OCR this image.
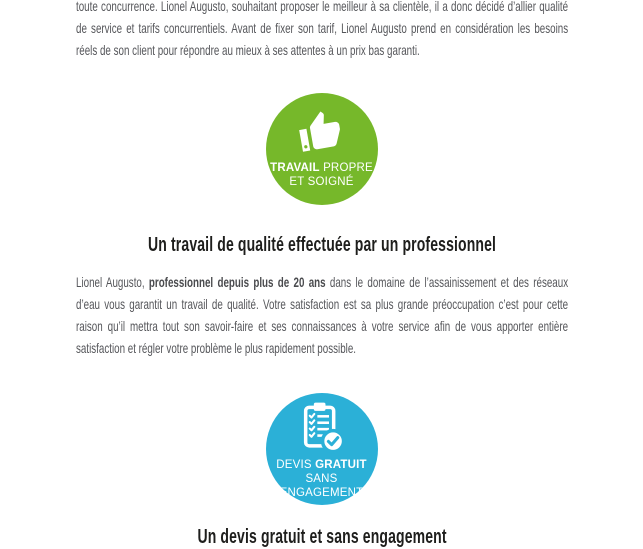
toute concurrence. Lionel Augusto, souhaitant proposer le meilleur à sa clientèle, il a donc décidé d’allier qualité de service et tarifs concurrentiels. Avant de fixer son tarif, Lionel Augusto prend en considération les besoins réels de son client pour répondre au mieux à ses attentes à un prix bas garanti.

TRAVAIL PROPRE
ET SOIGNÉ
Un travail de qualité effectuée par un professionnel

Lionel Augusto, professionnel depuis plus de 20 ans dans le domaine de l’assainissement et des réseaux d’eau vous garantit un travail de qualité. Votre satisfaction est sa plus grande préoccupation c’est pour cette raison qu’il mettra tout son savoir-faire et ses connaissances à votre service afin de vous apporter entière satisfaction et régler votre problème le plus rapidement possible.

DEVIS GRATUIT
SANS ENGAGEMENT
Un devis gratuit et sans engagement
